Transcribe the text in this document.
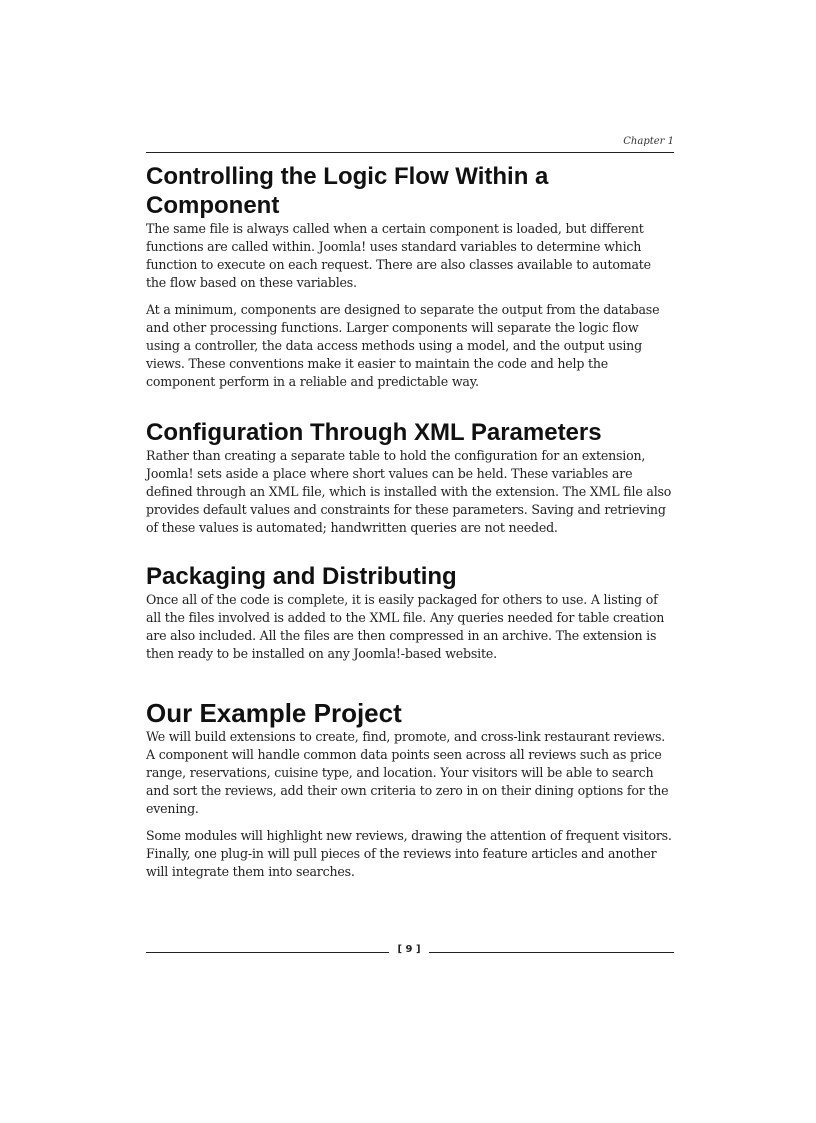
Chapter 1
Controlling the Logic Flow Within a Component

The same file is always called when a certain component is loaded, but different functions are called within. Joomla! uses standard variables to determine which function to execute on each request. There are also classes available to automate the flow based on these variables.

At a minimum, components are designed to separate the output from the database and other processing functions. Larger components will separate the logic flow using a controller, the data access methods using a model, and the output using views. These conventions make it easier to maintain the code and help the component perform in a reliable and predictable way.

Configuration Through XML Parameters

Rather than creating a separate table to hold the configuration for an extension, Joomla! sets aside a place where short values can be held. These variables are defined through an XML file, which is installed with the extension. The XML file also provides default values and constraints for these parameters. Saving and retrieving of these values is automated; handwritten queries are not needed.

Packaging and Distributing

Once all of the code is complete, it is easily packaged for others to use. A listing of all the files involved is added to the XML file. Any queries needed for table creation are also included. All the files are then compressed in an archive. The extension is then ready to be installed on any Joomla!-based website.

Our Example Project

We will build extensions to create, find, promote, and cross-link restaurant reviews. A component will handle common data points seen across all reviews such as price range, reservations, cuisine type, and location. Your visitors will be able to search and sort the reviews, add their own criteria to zero in on their dining options for the evening.

Some modules will highlight new reviews, drawing the attention of frequent visitors. Finally, one plug-in will pull pieces of the reviews into feature articles and another will integrate them into searches.

[ 9 ]
